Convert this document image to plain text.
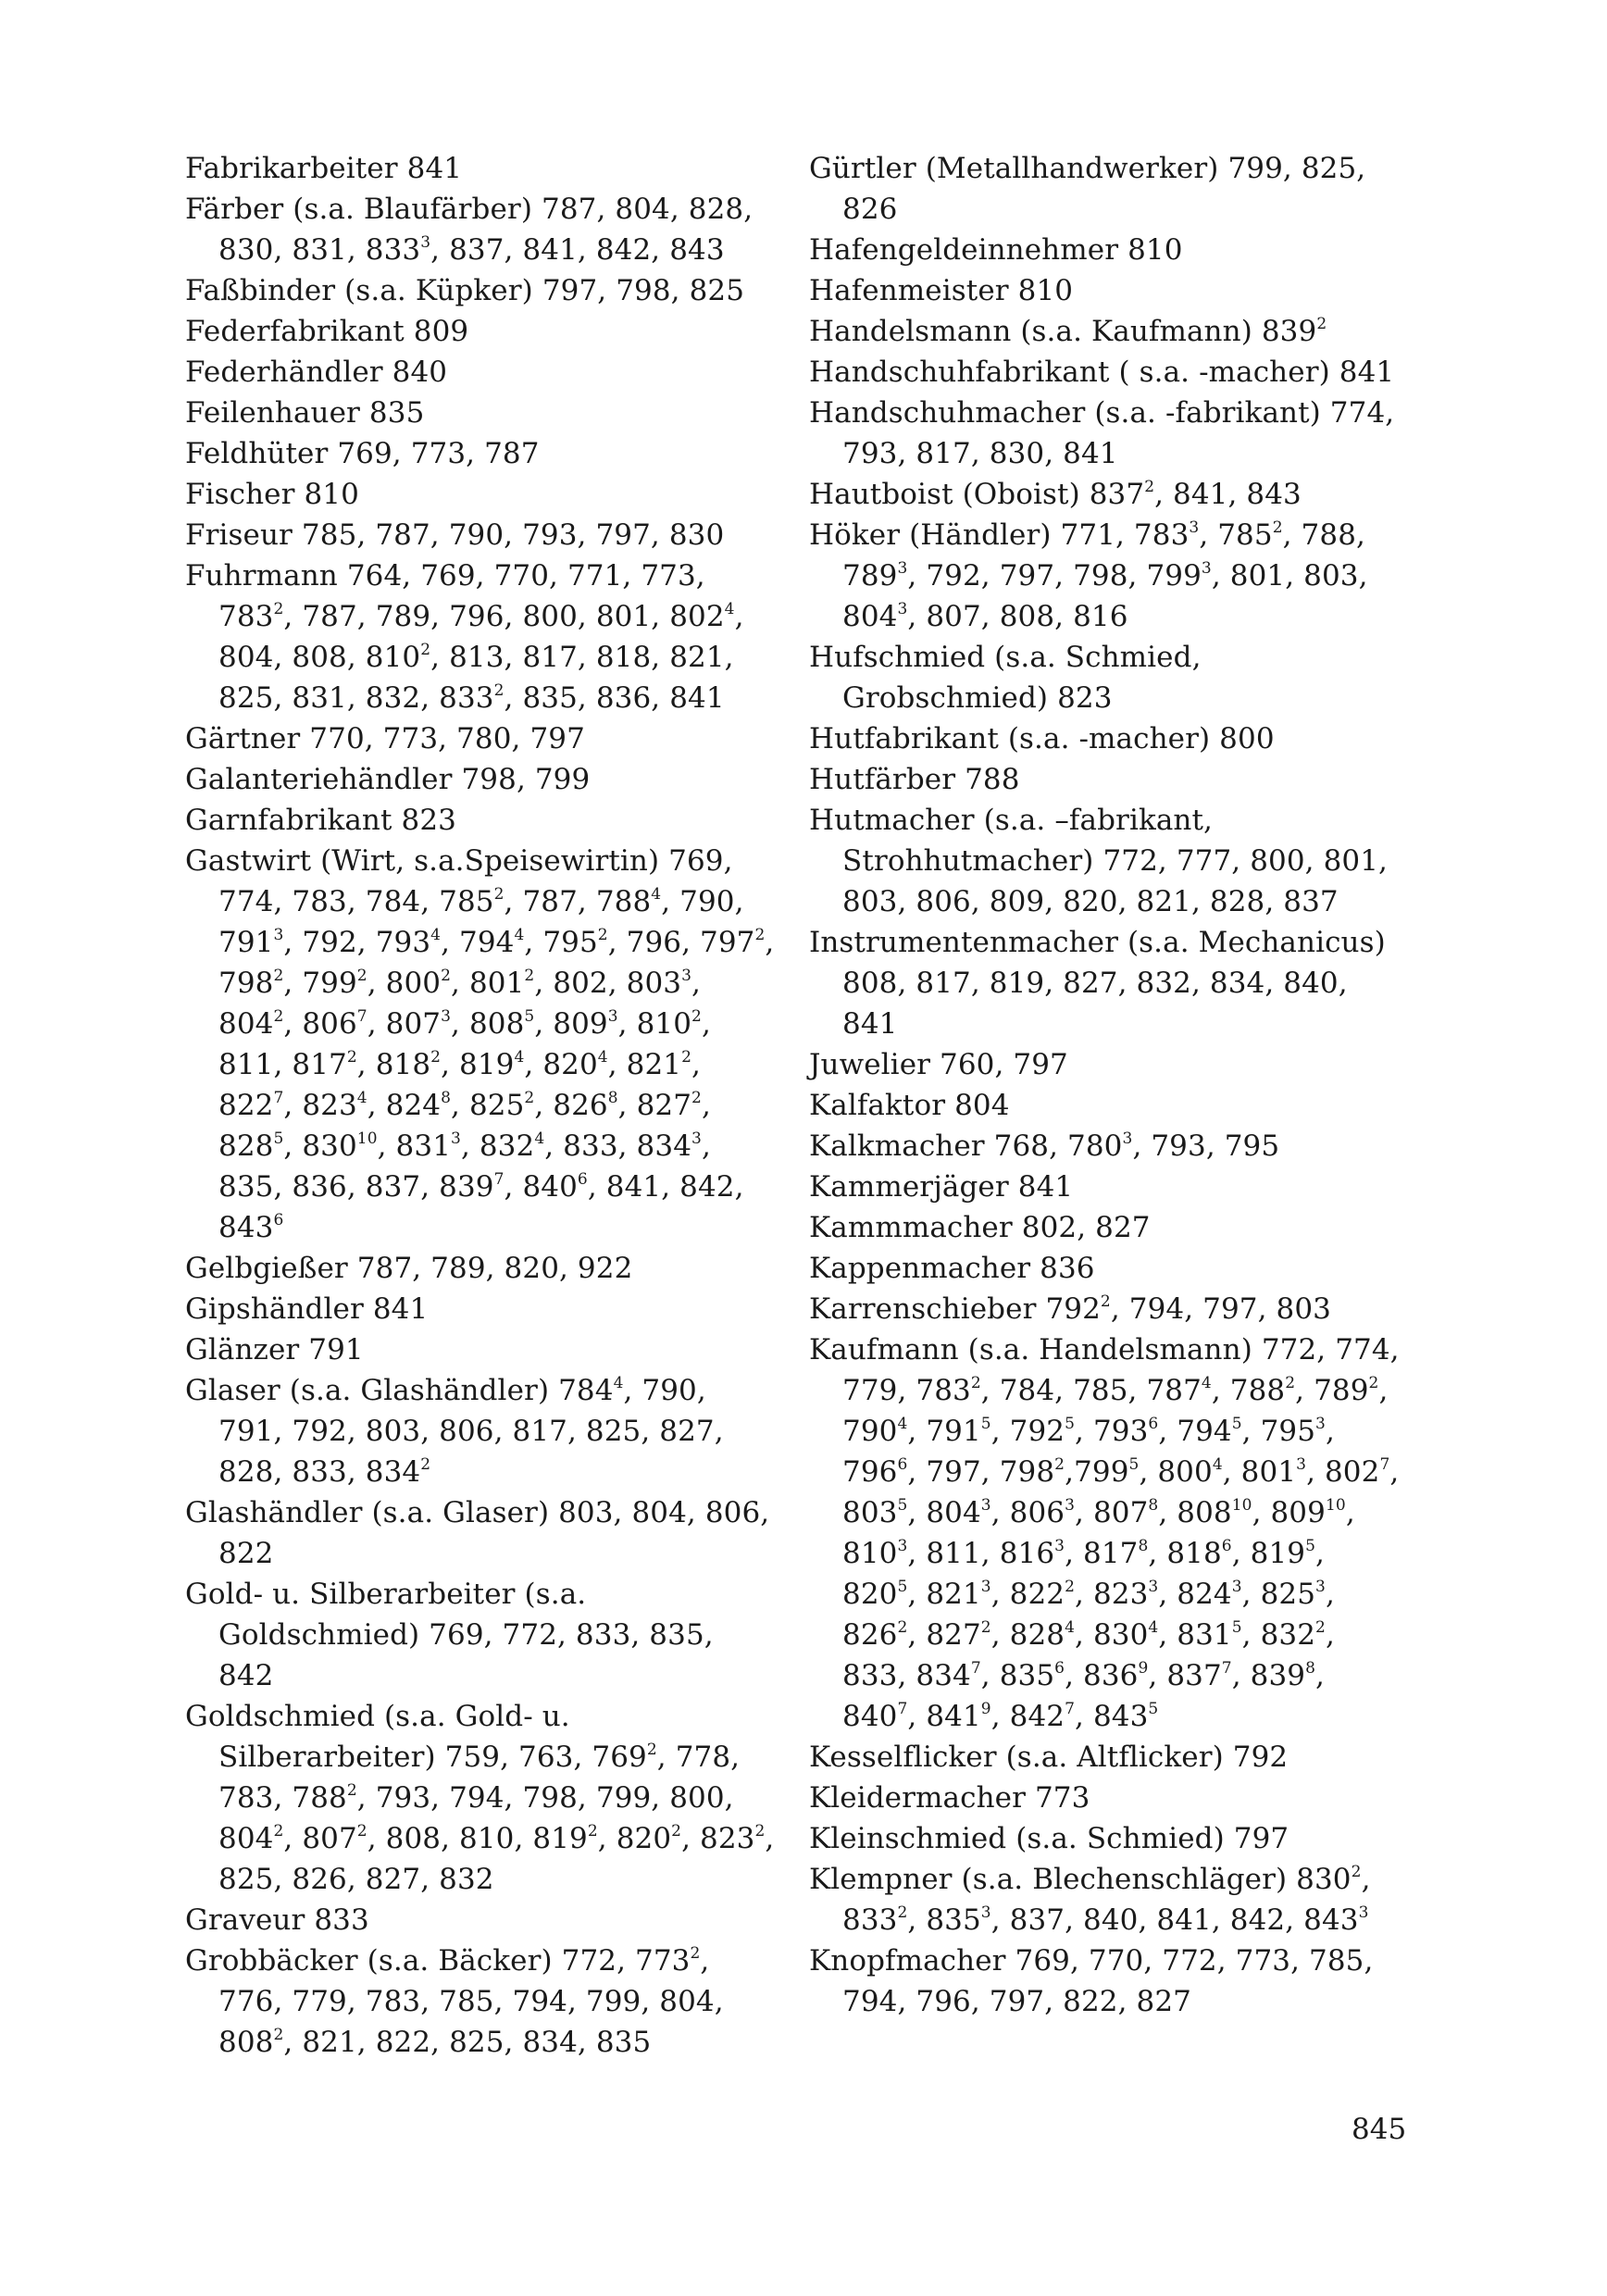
Fabrikarbeiter 841
Färber (s.a. Blaufärber) 787, 804, 828, 830, 831, $833^3$, 837, 841, 842, 843
Faßbinder (s.a. Küpker) 797, 798, 825
Federfabrikant 809
Federhändler 840
Feilenhauer 835
Feldhüter 769, 773, 787
Fischer 810
Friseur 785, 787, 790, 793, 797, 830
Fuhrmann 764, 769, 770, 771, 773, $783^2$, 787, 789, 796, 800, 801, $802^4$, 804, 808, $810^2$, 813, 817, 818, 821, 825, 831, 832, $833^2$, 835, 836, 841
Gärtner 770, 773, 780, 797
Galanteriehändler 798, 799
Garnfabrikant 823
Gastwirt (Wirt, s.a.Speisewirtin) 769, 774, 783, 784, $785^2$, 787, $788^4$, 790, $791^3$, 792, $793^4$, $794^4$, $795^2$, 796, $797^2$, $798^2$, $799^2$, $800^2$, $801^2$, 802, $803^3$, $804^2$, $806^7$, $807^3$, $808^5$, $809^3$, $810^2$, 811, $817^2$, $818^2$, $819^4$, $820^4$, $821^2$, $822^7$, $823^4$, $824^8$, $825^2$, $826^8$, $827^2$, $828^5$, $830^{10}$, $831^3$, $832^4$, 833, $834^3$, 835, 836, 837, $839^7$, $840^6$, 841, 842, $843^6$
Gelbgießer 787, 789, 820, 922
Gipshändler 841
Glänzer 791
Glaser (s.a. Glashändler) $784^4$, 790, 791, 792, 803, 806, 817, 825, 827, 828, 833, $834^2$
Glashändler (s.a. Glaser) 803, 804, 806, 822
Gold- u. Silberarbeiter (s.a. Goldschmied) 769, 772, 833, 835, 842
Goldschmied (s.a. Gold- u. Silberarbeiter) 759, 763, $769^2$, 778, 783, $788^2$, 793, 794, 798, 799, 800, $804^2$, $807^2$, 808, 810, $819^2$, $820^2$, $823^2$, 825, 826, 827, 832
Graveur 833
Grobbäcker (s.a. Bäcker) 772, $773^2$, 776, 779, 783, 785, 794, 799, 804, $808^2$, 821, 822, 825, 834, 835
Gürtler (Metallhandwerker) 799, 825, 826
Hafengeldeinnehmer 810
Hafenmeister 810
Handelsmann (s.a. Kaufmann) $839^2$
Handschuhfabrikant ( s.a. -macher) 841
Handschuhmacher (s.a. -fabrikant) 774, 793, 817, 830, 841
Hautboist (Oboist) $837^2$, 841, 843
Höker (Händler) 771, $783^3$, $785^2$, 788, $789^3$, 792, 797, 798, $799^3$, 801, 803, $804^3$, 807, 808, 816
Hufschmied (s.a. Schmied, Grobschmied) 823
Hutfabrikant (s.a. -macher) 800
Hutfärber 788
Hutmacher (s.a. –fabrikant, Strohhutmacher) 772, 777, 800, 801, 803, 806, 809, 820, 821, 828, 837
Instrumentenmacher (s.a. Mechanicus) 808, 817, 819, 827, 832, 834, 840, 841
Juwelier 760, 797
Kalfaktor 804
Kalkmacher 768, $780^3$, 793, 795
Kammerjäger 841
Kammmacher 802, 827
Kappenmacher 836
Karrenschieber $792^2$, 794, 797, 803
Kaufmann (s.a. Handelsmann) 772, 774, 779, $783^2$, 784, 785, $787^4$, $788^2$, $789^2$, $790^4$, $791^5$, $792^5$, $793^6$, $794^5$, $795^3$, $796^6$, 797, $798^2,799^5$, $800^4$, $801^3$, $802^7$, $803^5$, $804^3$, $806^3$, $807^8$, $808^{10}$, $809^{10}$, $810^3$, 811, $816^3$, $817^8$, $818^6$, $819^5$, $820^5$, $821^3$, $822^2$, $823^3$, $824^3$, $825^3$, $826^2$, $827^2$, $828^4$, $830^4$, $831^5$, $832^2$, 833, $834^7$, $835^6$, $836^9$, $837^7$, $839^8$, $840^7$, $841^9$, $842^7$, $843^5$
Kesselflicker (s.a. Altflicker) 792
Kleidermacher 773
Kleinschmied (s.a. Schmied) 797
Klempner (s.a. Blechenschläger) $830^2$, $833^2$, $835^3$, 837, 840, 841, 842, $843^3$
Knopfmacher 769, 770, 772, 773, 785, 794, 796, 797, 822, 827
845
